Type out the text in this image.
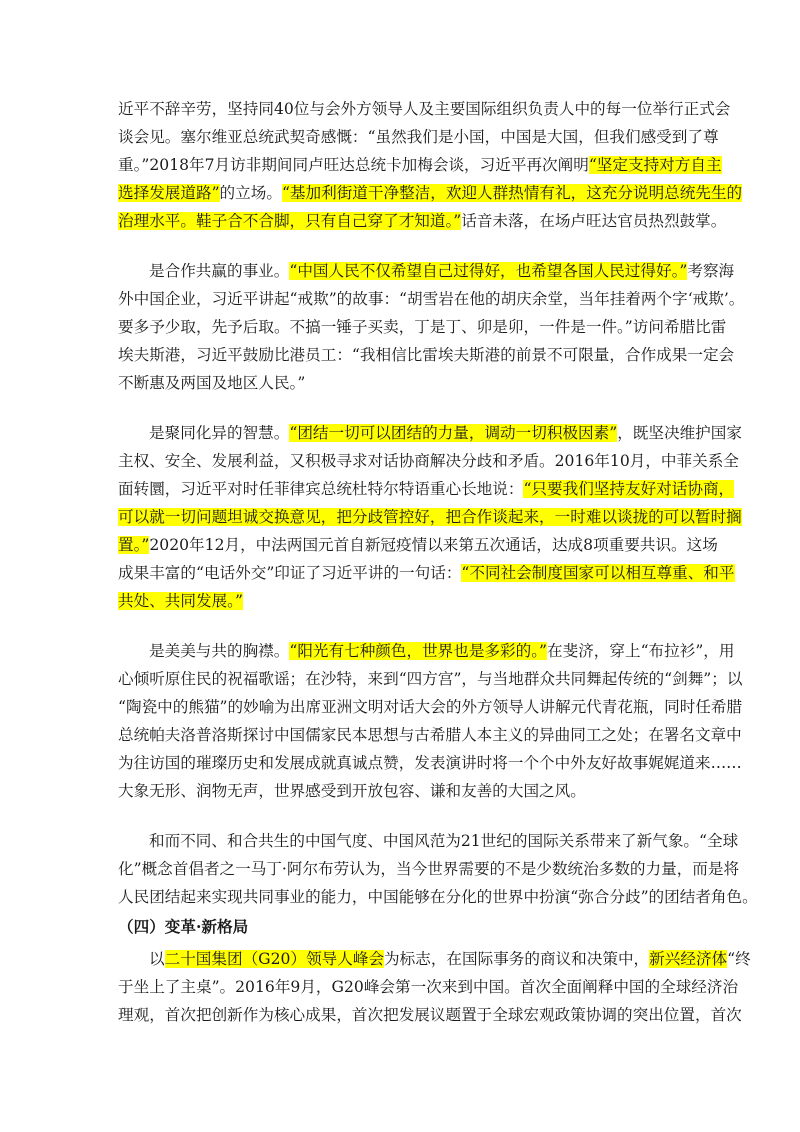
近平不辞辛劳，坚持同40位与会外方领导人及主要国际组织负责人中的每一位举行正式会
谈会见。塞尔维亚总统武契奇感慨：“虽然我们是小国，中国是大国，但我们感受到了尊
重。”2018年7月访非期间同卢旺达总统卡加梅会谈，习近平再次阐明“坚定支持对方自主
选择发展道路”的立场。“基加利街道干净整洁，欢迎人群热情有礼，这充分说明总统先生的
治理水平。鞋子合不合脚，只有自己穿了才知道。”话音未落，在场卢旺达官员热烈鼓掌。
是合作共赢的事业。“中国人民不仅希望自己过得好，也希望各国人民过得好。”考察海
外中国企业，习近平讲起“戒欺”的故事：“胡雪岩在他的胡庆余堂，当年挂着两个字‘戒欺’。
要多予少取，先予后取。不搞一锤子买卖，丁是丁、卯是卯，一件是一件。”访问希腊比雷
埃夫斯港，习近平鼓励比港员工：“我相信比雷埃夫斯港的前景不可限量，合作成果一定会
不断惠及两国及地区人民。”
是聚同化异的智慧。“团结一切可以团结的力量，调动一切积极因素”，既坚决维护国家
主权、安全、发展利益，又积极寻求对话协商解决分歧和矛盾。2016年10月，中菲关系全
面转圜，习近平对时任菲律宾总统杜特尔特语重心长地说：“只要我们坚持友好对话协商，
可以就一切问题坦诚交换意见，把分歧管控好，把合作谈起来，一时难以谈拢的可以暂时搁
置。”2020年12月，中法两国元首自新冠疫情以来第五次通话，达成8项重要共识。这场
成果丰富的“电话外交”印证了习近平讲的一句话：“不同社会制度国家可以相互尊重、和平
共处、共同发展。”
是美美与共的胸襟。“阳光有七种颜色，世界也是多彩的。”在斐济，穿上“布拉衫”，用
心倾听原住民的祝福歌谣；在沙特，来到“四方宫”，与当地群众共同舞起传统的“剑舞”；以
“陶瓷中的熊猫”的妙喻为出席亚洲文明对话大会的外方领导人讲解元代青花瓶，同时任希腊
总统帕夫洛普洛斯探讨中国儒家民本思想与古希腊人本主义的异曲同工之处；在署名文章中
为往访国的璀璨历史和发展成就真诚点赞，发表演讲时将一个个中外友好故事娓娓道来……
大象无形、润物无声，世界感受到开放包容、谦和友善的大国之风。
和而不同、和合共生的中国气度、中国风范为21世纪的国际关系带来了新气象。“全球
化”概念首倡者之一马丁·阿尔布劳认为，当今世界需要的不是少数统治多数的力量，而是将
人民团结起来实现共同事业的能力，中国能够在分化的世界中扮演“弥合分歧”的团结者角色。
（四）变革·新格局
以二十国集团（G20）领导人峰会为标志，在国际事务的商议和决策中，新兴经济体“终
于坐上了主桌”。2016年9月，G20峰会第一次来到中国。首次全面阐释中国的全球经济治
理观，首次把创新作为核心成果，首次把发展议题置于全球宏观政策协调的突出位置，首次
